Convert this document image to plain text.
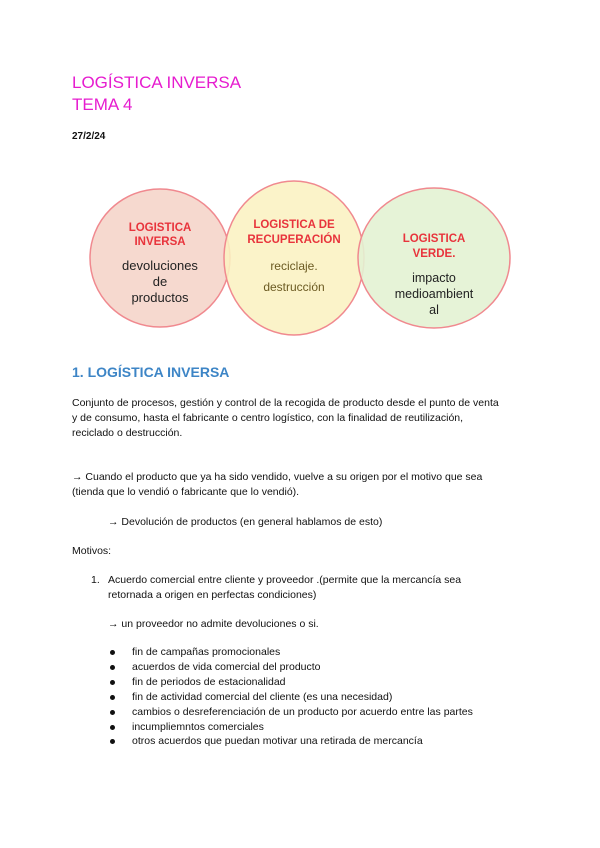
LOGÍSTICA INVERSA
TEMA 4
27/2/24
LOGISTICA
INVERSA
devoluciones
de
productos
LOGISTICA DE
RECUPERACIÓN
reciclaje.
destrucción
LOGISTICA
VERDE.
impacto
medioambient
al
1. LOGÍSTICA INVERSA

Conjunto de procesos, gestión y control de la recogida de producto desde el punto de venta

y de consumo, hasta el fabricante o centro logístico, con la finalidad de reutilización,

reciclado o destrucción.

→ Cuando el producto que ya ha sido vendido, vuelve a su origen por el motivo que sea

(tienda que lo vendió o fabricante que lo vendió).

→ Devolución de productos (en general hablamos de esto)

Motivos:

1. Acuerdo comercial entre cliente y proveedor .(permite que la mercancía sea

retornada a origen en perfectas condiciones)

→ un proveedor no admite devoluciones o si.

fin de campañas promocionales
acuerdos de vida comercial del producto
fin de periodos de estacionalidad
fin de actividad comercial del cliente (es una necesidad)
cambios o desreferenciación de un producto por acuerdo entre las partes
incumpliemntos comerciales
otros acuerdos que puedan motivar una retirada de mercancía
